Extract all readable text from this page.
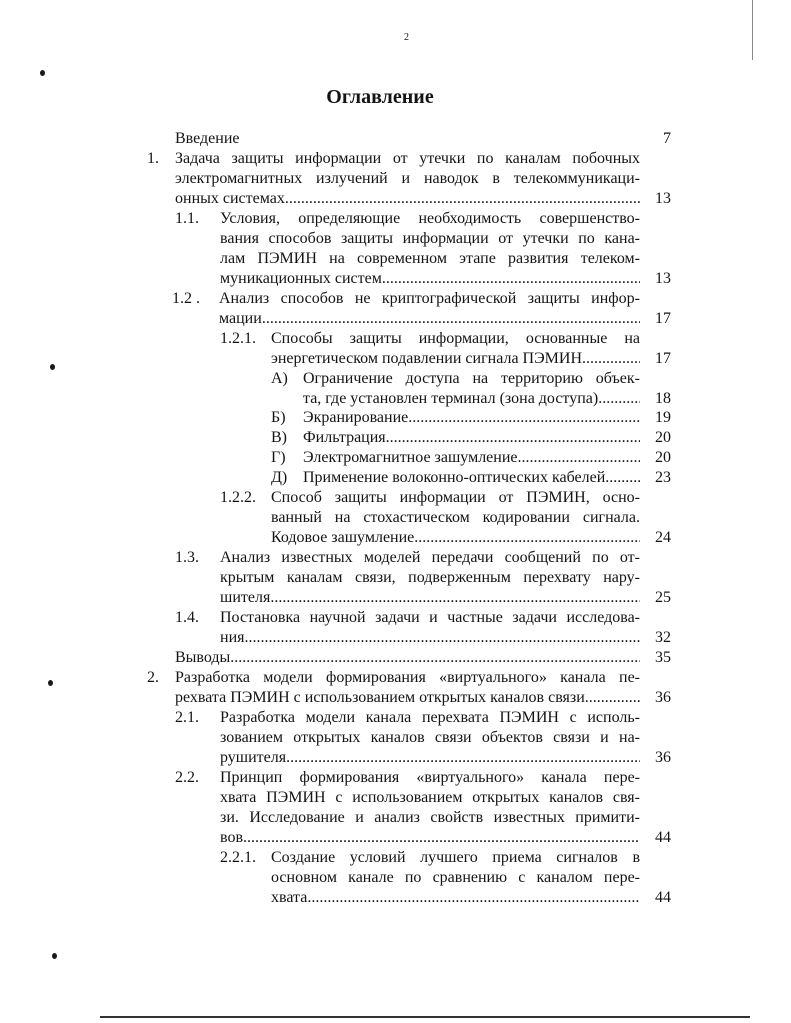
2
Оглавление
Введение	7
1. Задача защиты информации от утечки по каналам побочных
электромагнитных излучений и наводок в телекоммуникаци-
онных системах .....	13
1.1. Условия, определяющие необходимость совершенство-
вания способов защиты информации от утечки по кана-
лам ПЭМИН на современном этапе развития телеком-
муникационных систем .....	13
1.2 . Анализ способов не криптографической защиты инфор-
мации .....	17
1.2.1. Способы защиты информации, основанные на
энергетическом подавлении сигнала ПЭМИН.... .....	17
А) Ограничение доступа на территорию объек-
та, где установлен терминал (зона доступа)... .....	18
Б) Экранирование .....	19
В) Фильтрация .....	20
Г) Электромагнитное зашумление .....	20
Д) Применение волоконно-оптических кабелей.. .....	23
1.2.2. Способ защиты информации от ПЭМИН, осно-
ванный на стохастическом кодировании сигнала.
Кодовое зашумление .....	24
1.3. Анализ известных моделей передачи сообщений по от-
крытым каналам связи, подверженным перехвату нару-
шителя .....	25
1.4. Постановка научной задачи и частные задачи исследова-
ния .....	32
Выводы .....	35
2. Разработка модели формирования «виртуального» канала пе-
рехвата ПЭМИН с использованием открытых каналов связи.... .....	36
2.1. Разработка модели канала перехвата ПЭМИН с исполь-
зованием открытых каналов связи объектов связи и на-
рушителя .....	36
2.2. Принцип формирования «виртуального» канала пере-
хвата ПЭМИН с использованием открытых каналов свя-
зи. Исследование и анализ свойств известных примити-
вов .....	44
2.2.1. Создание условий лучшего приема сигналов в
основном канале по сравнению с каналом пере-
хвата .....	44
